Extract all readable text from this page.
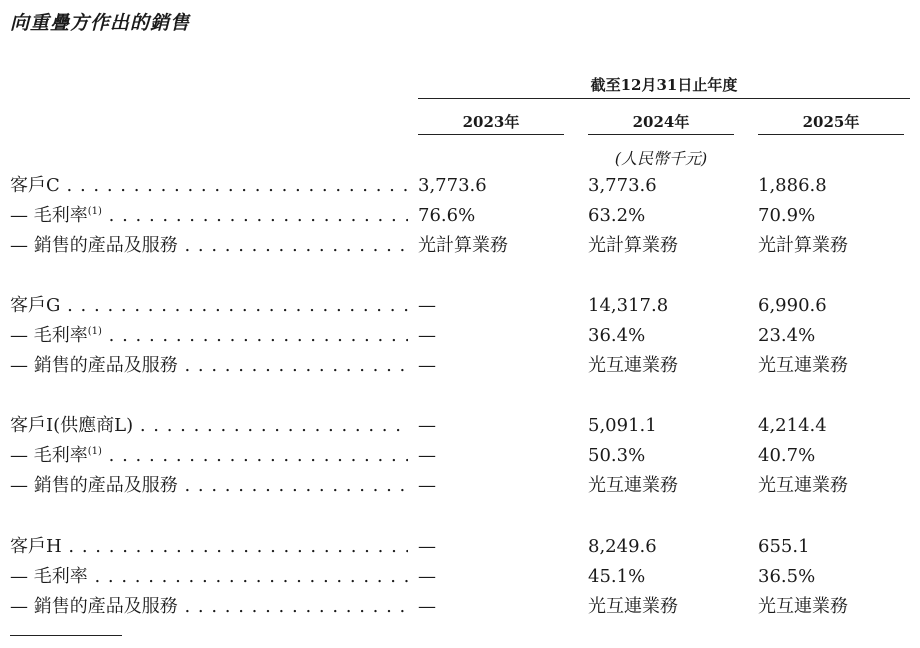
向重疊方作出的銷售
截至12月31日止年度
2023年	2024年	2025年
(人民幣千元)
客戶C . . .	3,773.6	3,773.6	1,886.8
— 毛利率$^{(1)}$ . . .	76.6%	63.2%	70.9%
— 銷售的產品及服務 . . .	光計算業務	光計算業務	光計算業務
客戶G . . .	—	14,317.8	6,990.6
— 毛利率$^{(1)}$ . . .	—	36.4%	23.4%
— 銷售的產品及服務 . . .	—	光互連業務	光互連業務
客戶I(供應商L) . . .	—	5,091.1	4,214.4
— 毛利率$^{(1)}$ . . .	—	50.3%	40.7%
— 銷售的產品及服務 . . .	—	光互連業務	光互連業務
客戶H . . .	—	8,249.6	655.1
— 毛利率 . . .	—	45.1%	36.5%
— 銷售的產品及服務 . . .	—	光互連業務	光互連業務
